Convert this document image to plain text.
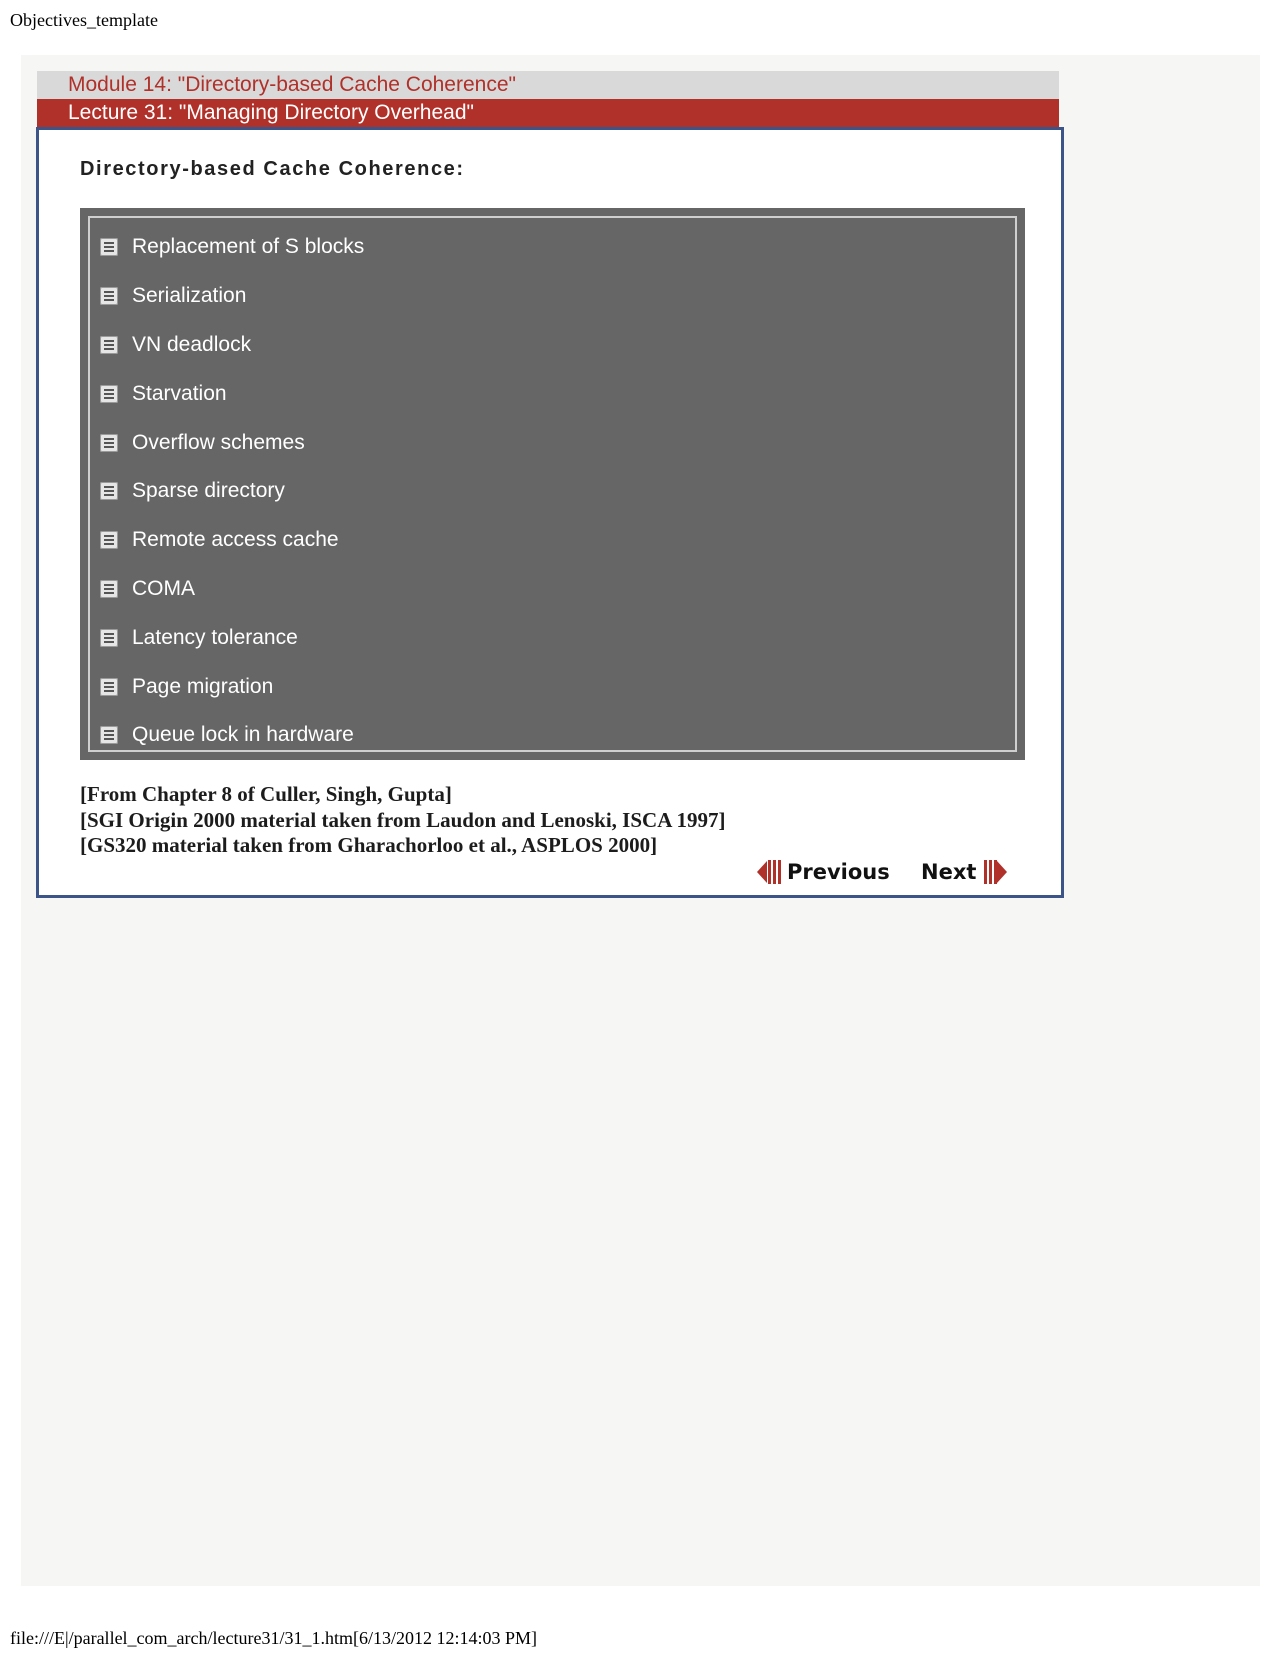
Objectives_template
Module 14: "Directory-based Cache Coherence"
Lecture 31: "Managing Directory Overhead"
Directory-based Cache Coherence:
Replacement of S blocks
Serialization
VN deadlock
Starvation
Overflow schemes
Sparse directory
Remote access cache
COMA
Latency tolerance
Page migration
Queue lock in hardware
[From Chapter 8 of Culler, Singh, Gupta]
[SGI Origin 2000 material taken from Laudon and Lenoski, ISCA 1997]
[GS320 material taken from Gharachorloo et al., ASPLOS 2000]
Previous Next
file:///E|/parallel_com_arch/lecture31/31_1.htm[6/13/2012 12:14:03 PM]
